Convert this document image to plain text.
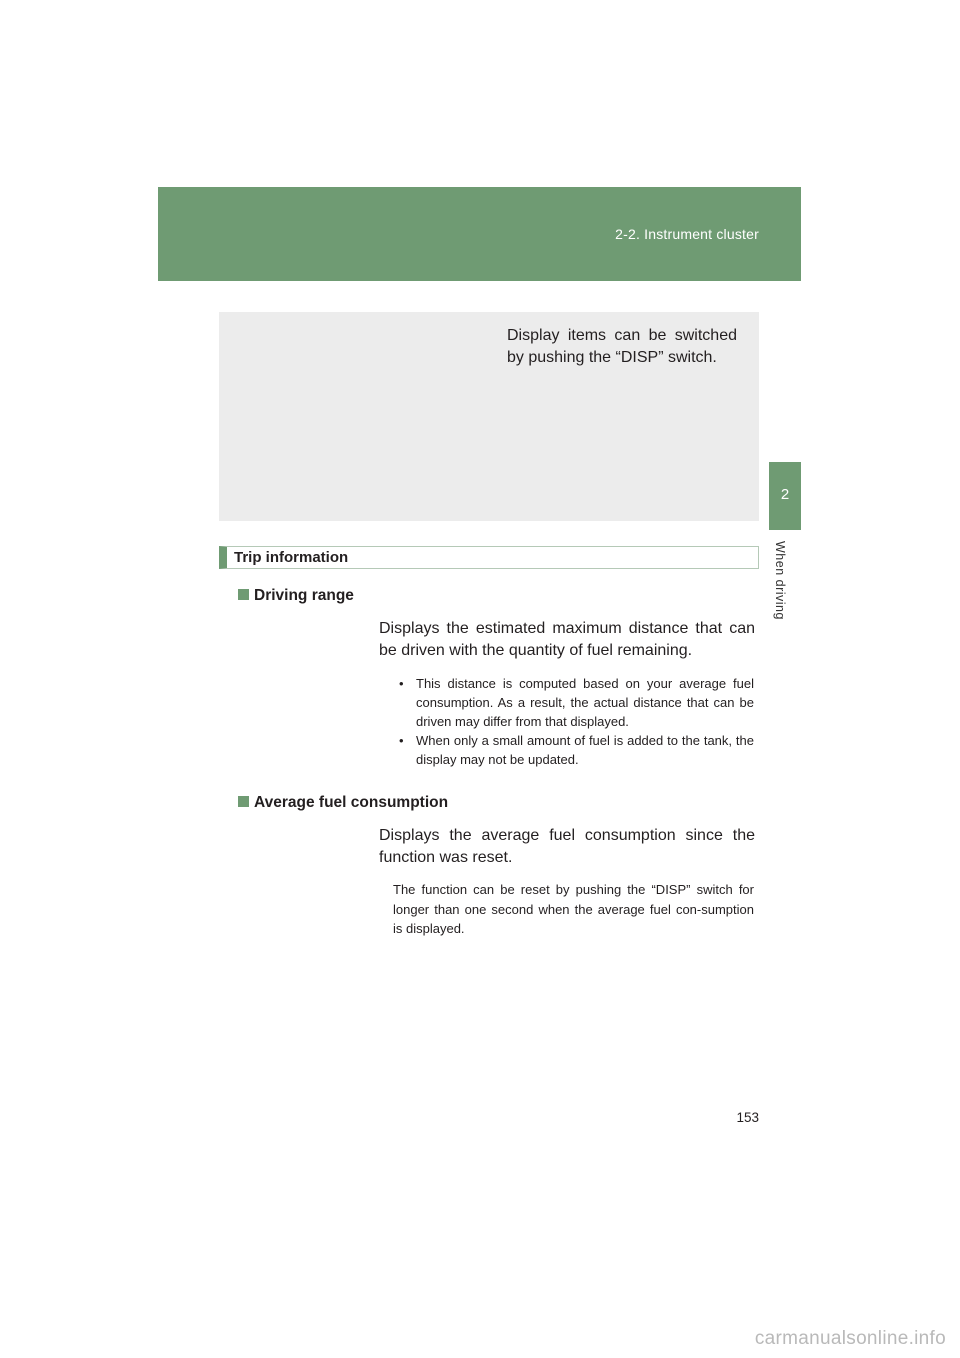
2-2. Instrument cluster
2
When driving
Display items can be switched by pushing the “DISP” switch.
Trip information
Driving range
Displays the estimated maximum distance that can be driven with the quantity of fuel remaining.
• This distance is computed based on your average fuel consumption. As a result, the actual distance that can be driven may differ from that displayed.
• When only a small amount of fuel is added to the tank, the display may not be updated.
Average fuel consumption
Displays the average fuel consumption since the function was reset.
The function can be reset by pushing the “DISP” switch for longer than one second when the average fuel con-sumption is displayed.
153
carmanualsonline.info
